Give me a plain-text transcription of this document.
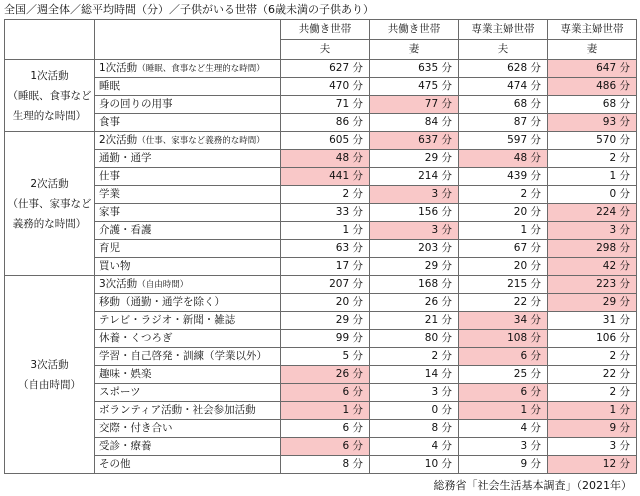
全国／週全体／総平均時間（分）／子供がいる世帯（6歳未満の子供あり）
		共働き世帯	共働き世帯	専業主婦世帯	専業主婦世帯
		夫	妻	夫	妻

1次活動
（睡眠、食事など
生理的な時間）	1次活動（睡眠、食事など生理的な時間）	627 分	635 分	628 分	647 分
	睡眠	470 分	475 分	474 分	486 分
	身の回りの用事	71 分	77 分	68 分	68 分
	食事	86 分	84 分	87 分	93 分

2次活動
（仕事、家事など
義務的な時間）	2次活動（仕事、家事など義務的な時間）	605 分	637 分	597 分	570 分
	通勤・通学	48 分	29 分	48 分	2 分
	仕事	441 分	214 分	439 分	1 分
	学業	2 分	3 分	2 分	0 分
	家事	33 分	156 分	20 分	224 分
	介護・看護	1 分	3 分	1 分	3 分
	育児	63 分	203 分	67 分	298 分
	買い物	17 分	29 分	20 分	42 分

3次活動
（自由時間）	3次活動（自由時間）	207 分	168 分	215 分	223 分
	移動（通勤・通学を除く）	20 分	26 分	22 分	29 分
	テレビ・ラジオ・新聞・雑誌	29 分	21 分	34 分	31 分
	休養・くつろぎ	99 分	80 分	108 分	106 分
	学習・自己啓発・訓練（学業以外）	5 分	2 分	6 分	2 分
	趣味・娯楽	26 分	14 分	25 分	22 分
	スポーツ	6 分	3 分	6 分	2 分
	ボランティア活動・社会参加活動	1 分	0 分	1 分	1 分
	交際・付き合い	6 分	8 分	4 分	9 分
	受診・療養	6 分	4 分	3 分	3 分
	その他	8 分	10 分	9 分	12 分
総務省「社会生活基本調査」（2021年）
